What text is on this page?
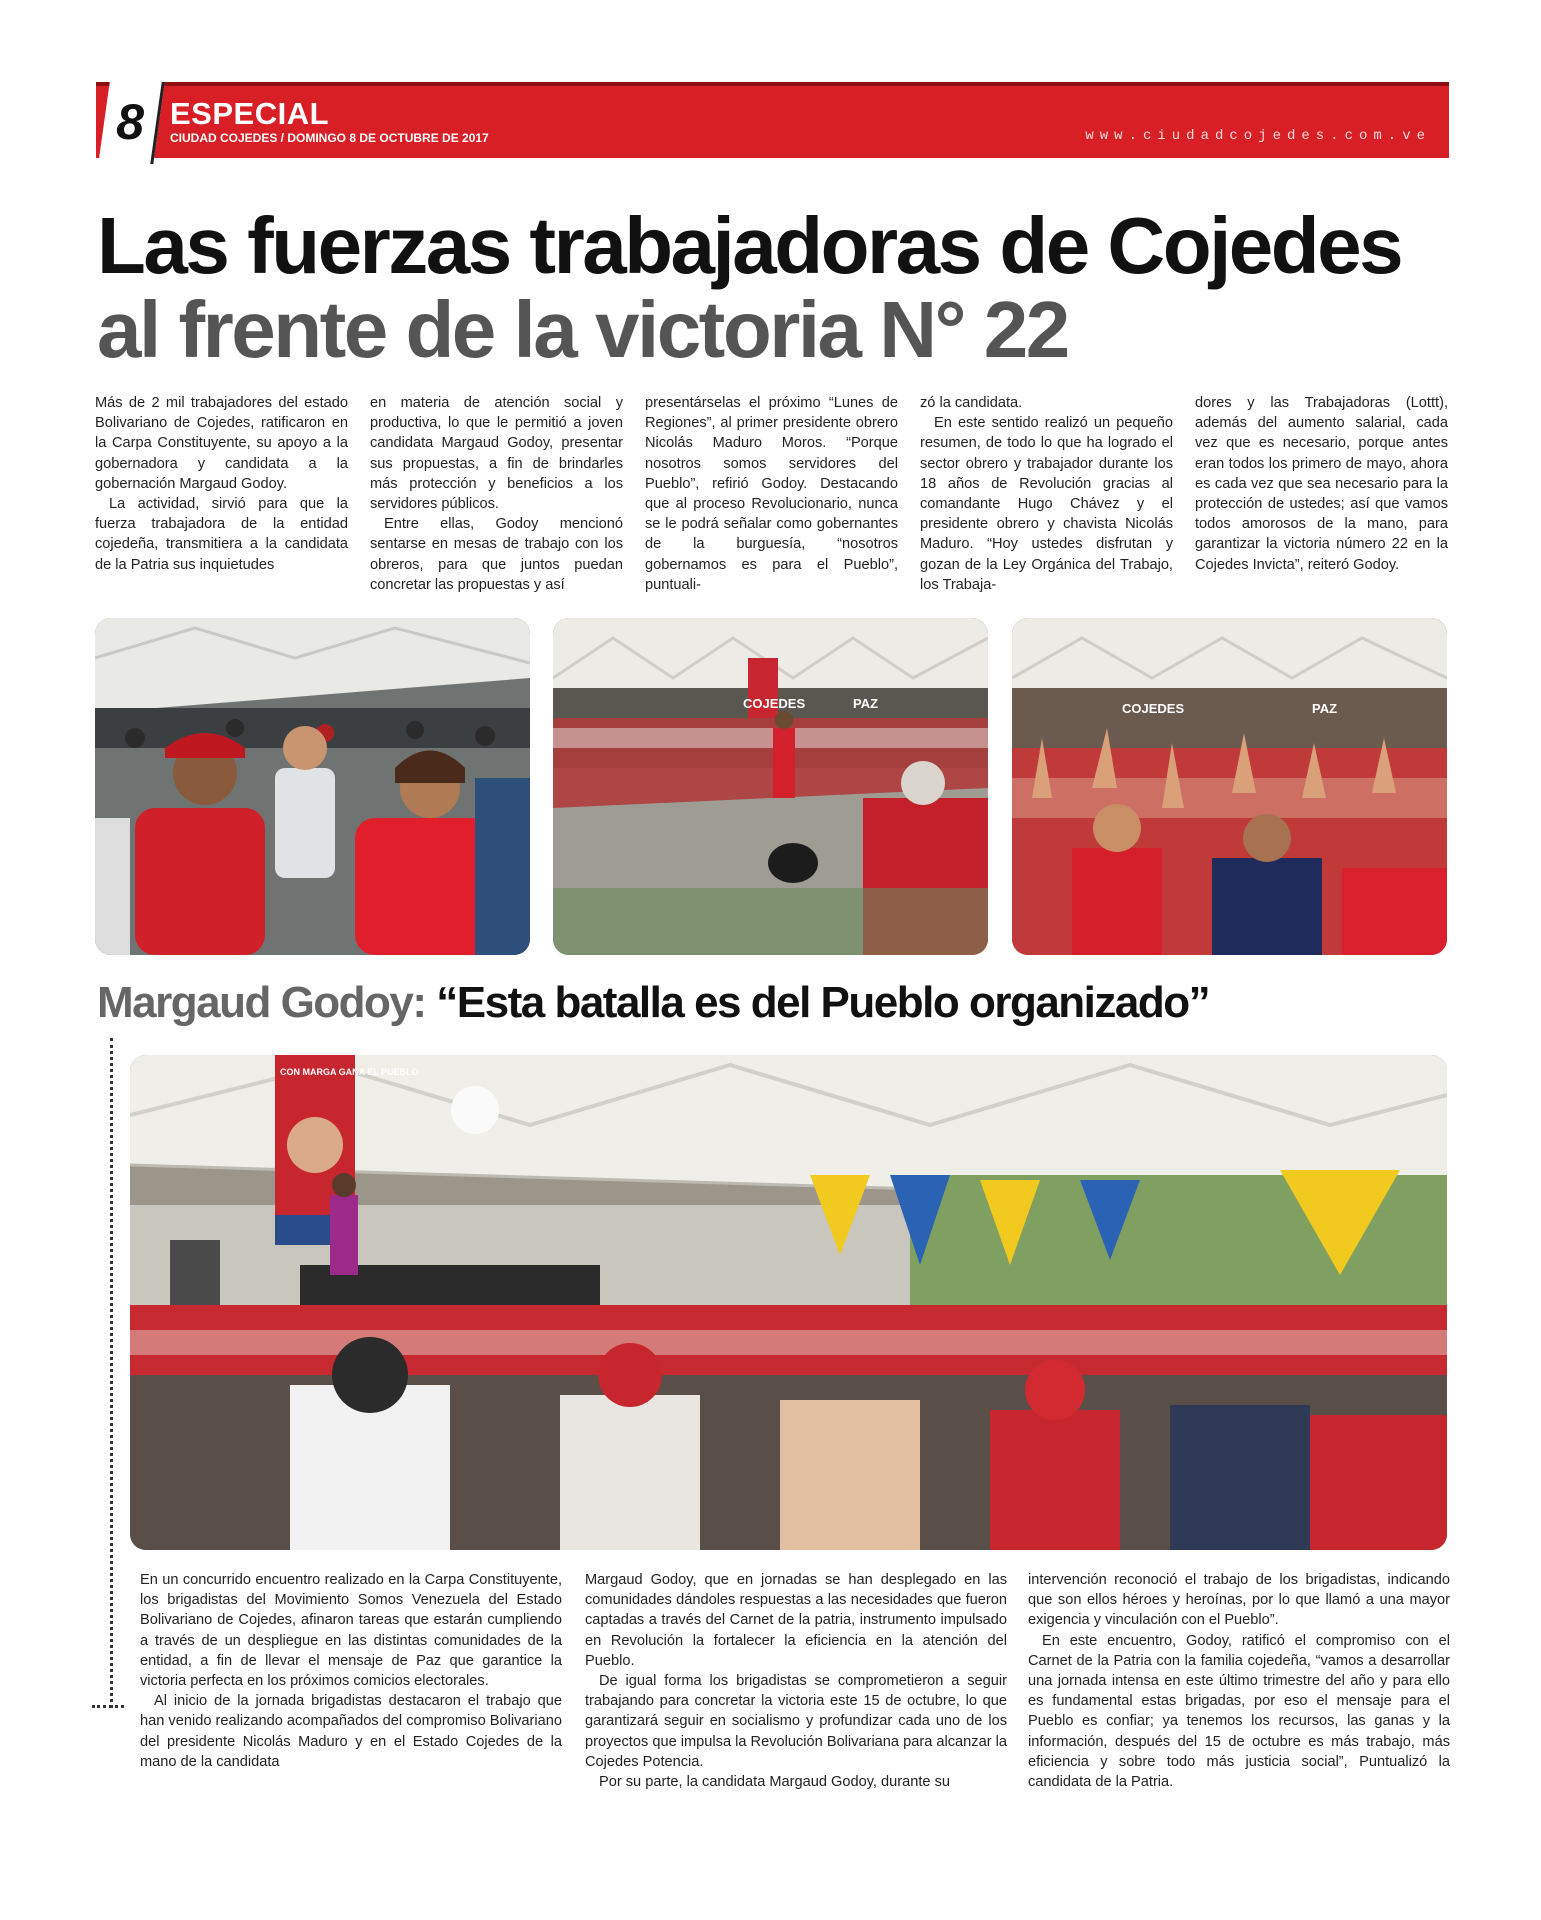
8 ESPECIAL
CIUDAD COJEDES / DOMINGO 8 DE OCTUBRE DE 2017	www.ciudadcojedes.com.ve
Las fuerzas trabajadoras de Cojedes
al frente de la victoria N° 22

Más de 2 mil trabajadores del estado Bolivariano de Cojedes, ratificaron en la Carpa Constituyente, su apoyo a la gobernadora y candidata a la gobernación Margaud Godoy.

La actividad, sirvió para que la fuerza trabajadora de la entidad cojedeña, transmitiera a la candidata de la Patria sus inquietudes

en materia de atención social y productiva, lo que le permitió a joven candidata Margaud Godoy, presentar sus propuestas, a fin de brindarles más protección y beneficios a los servidores públicos.

Entre ellas, Godoy mencionó sentarse en mesas de trabajo con los obreros, para que juntos puedan concretar las propuestas y así

presentárselas el próximo “Lunes de Regiones”, al primer presidente obrero Nicolás Maduro Moros. “Porque nosotros somos servidores del Pueblo”, refirió Godoy. Destacando que al proceso Revolucionario, nunca se le podrá señalar como gobernantes de la burguesía, “nosotros gobernamos es para el Pueblo”, puntuali-

zó la candidata.

En este sentido realizó un pequeño resumen, de todo lo que ha logrado el sector obrero y trabajador durante los 18 años de Revolución gracias al comandante Hugo Chávez y el presidente obrero y chavista Nicolás Maduro. “Hoy ustedes disfrutan y gozan de la Ley Orgánica del Trabajo, los Trabaja-

dores y las Trabajadoras (Lottt), además del aumento salarial, cada vez que es necesario, porque antes eran todos los primero de mayo, ahora es cada vez que sea necesario para la protección de ustedes; así que vamos todos amorosos de la mano, para garantizar la victoria número 22 en la Cojedes Invicta”, reiteró Godoy.

COJEDES	PAZ	COJEDES	PAZ
Margaud Godoy: “Esta batalla es del Pueblo organizado”
CON MARGA GANA EL PUEBLO

En un concurrido encuentro realizado en la Carpa Constituyente, los brigadistas del Movimiento Somos Venezuela del Estado Bolivariano de Cojedes, afinaron tareas que estarán cumpliendo a través de un despliegue en las distintas comunidades de la entidad, a fin de llevar el mensaje de Paz que garantice la victoria perfecta en los próximos comicios electorales.

Al inicio de la jornada brigadistas destacaron el trabajo que han venido realizando acompañados del compromiso Bolivariano del presidente Nicolás Maduro y en el Estado Cojedes de la mano de la candidata

Margaud Godoy, que en jornadas se han desplegado en las comunidades dándoles respuestas a las necesidades que fueron captadas a través del Carnet de la patria, instrumento impulsado en Revolución la fortalecer la eficiencia en la atención del Pueblo.

De igual forma los brigadistas se comprometieron a seguir trabajando para concretar la victoria este 15 de octubre, lo que garantizará seguir en socialismo y profundizar cada uno de los proyectos que impulsa la Revolución Bolivariana para alcanzar la Cojedes Potencia.

Por su parte, la candidata Margaud Godoy, durante su

intervención reconoció el trabajo de los brigadistas, indicando que son ellos héroes y heroínas, por lo que llamó a una mayor exigencia y vinculación con el Pueblo”.

En este encuentro, Godoy, ratificó el compromiso con el Carnet de la Patria con la familia cojedeña, “vamos a desarrollar una jornada intensa en este último trimestre del año y para ello es fundamental estas brigadas, por eso el mensaje para el Pueblo es confiar; ya tenemos los recursos, las ganas y la información, después del 15 de octubre es más trabajo, más eficiencia y sobre todo más justicia social”, Puntualizó la candidata de la Patria.
